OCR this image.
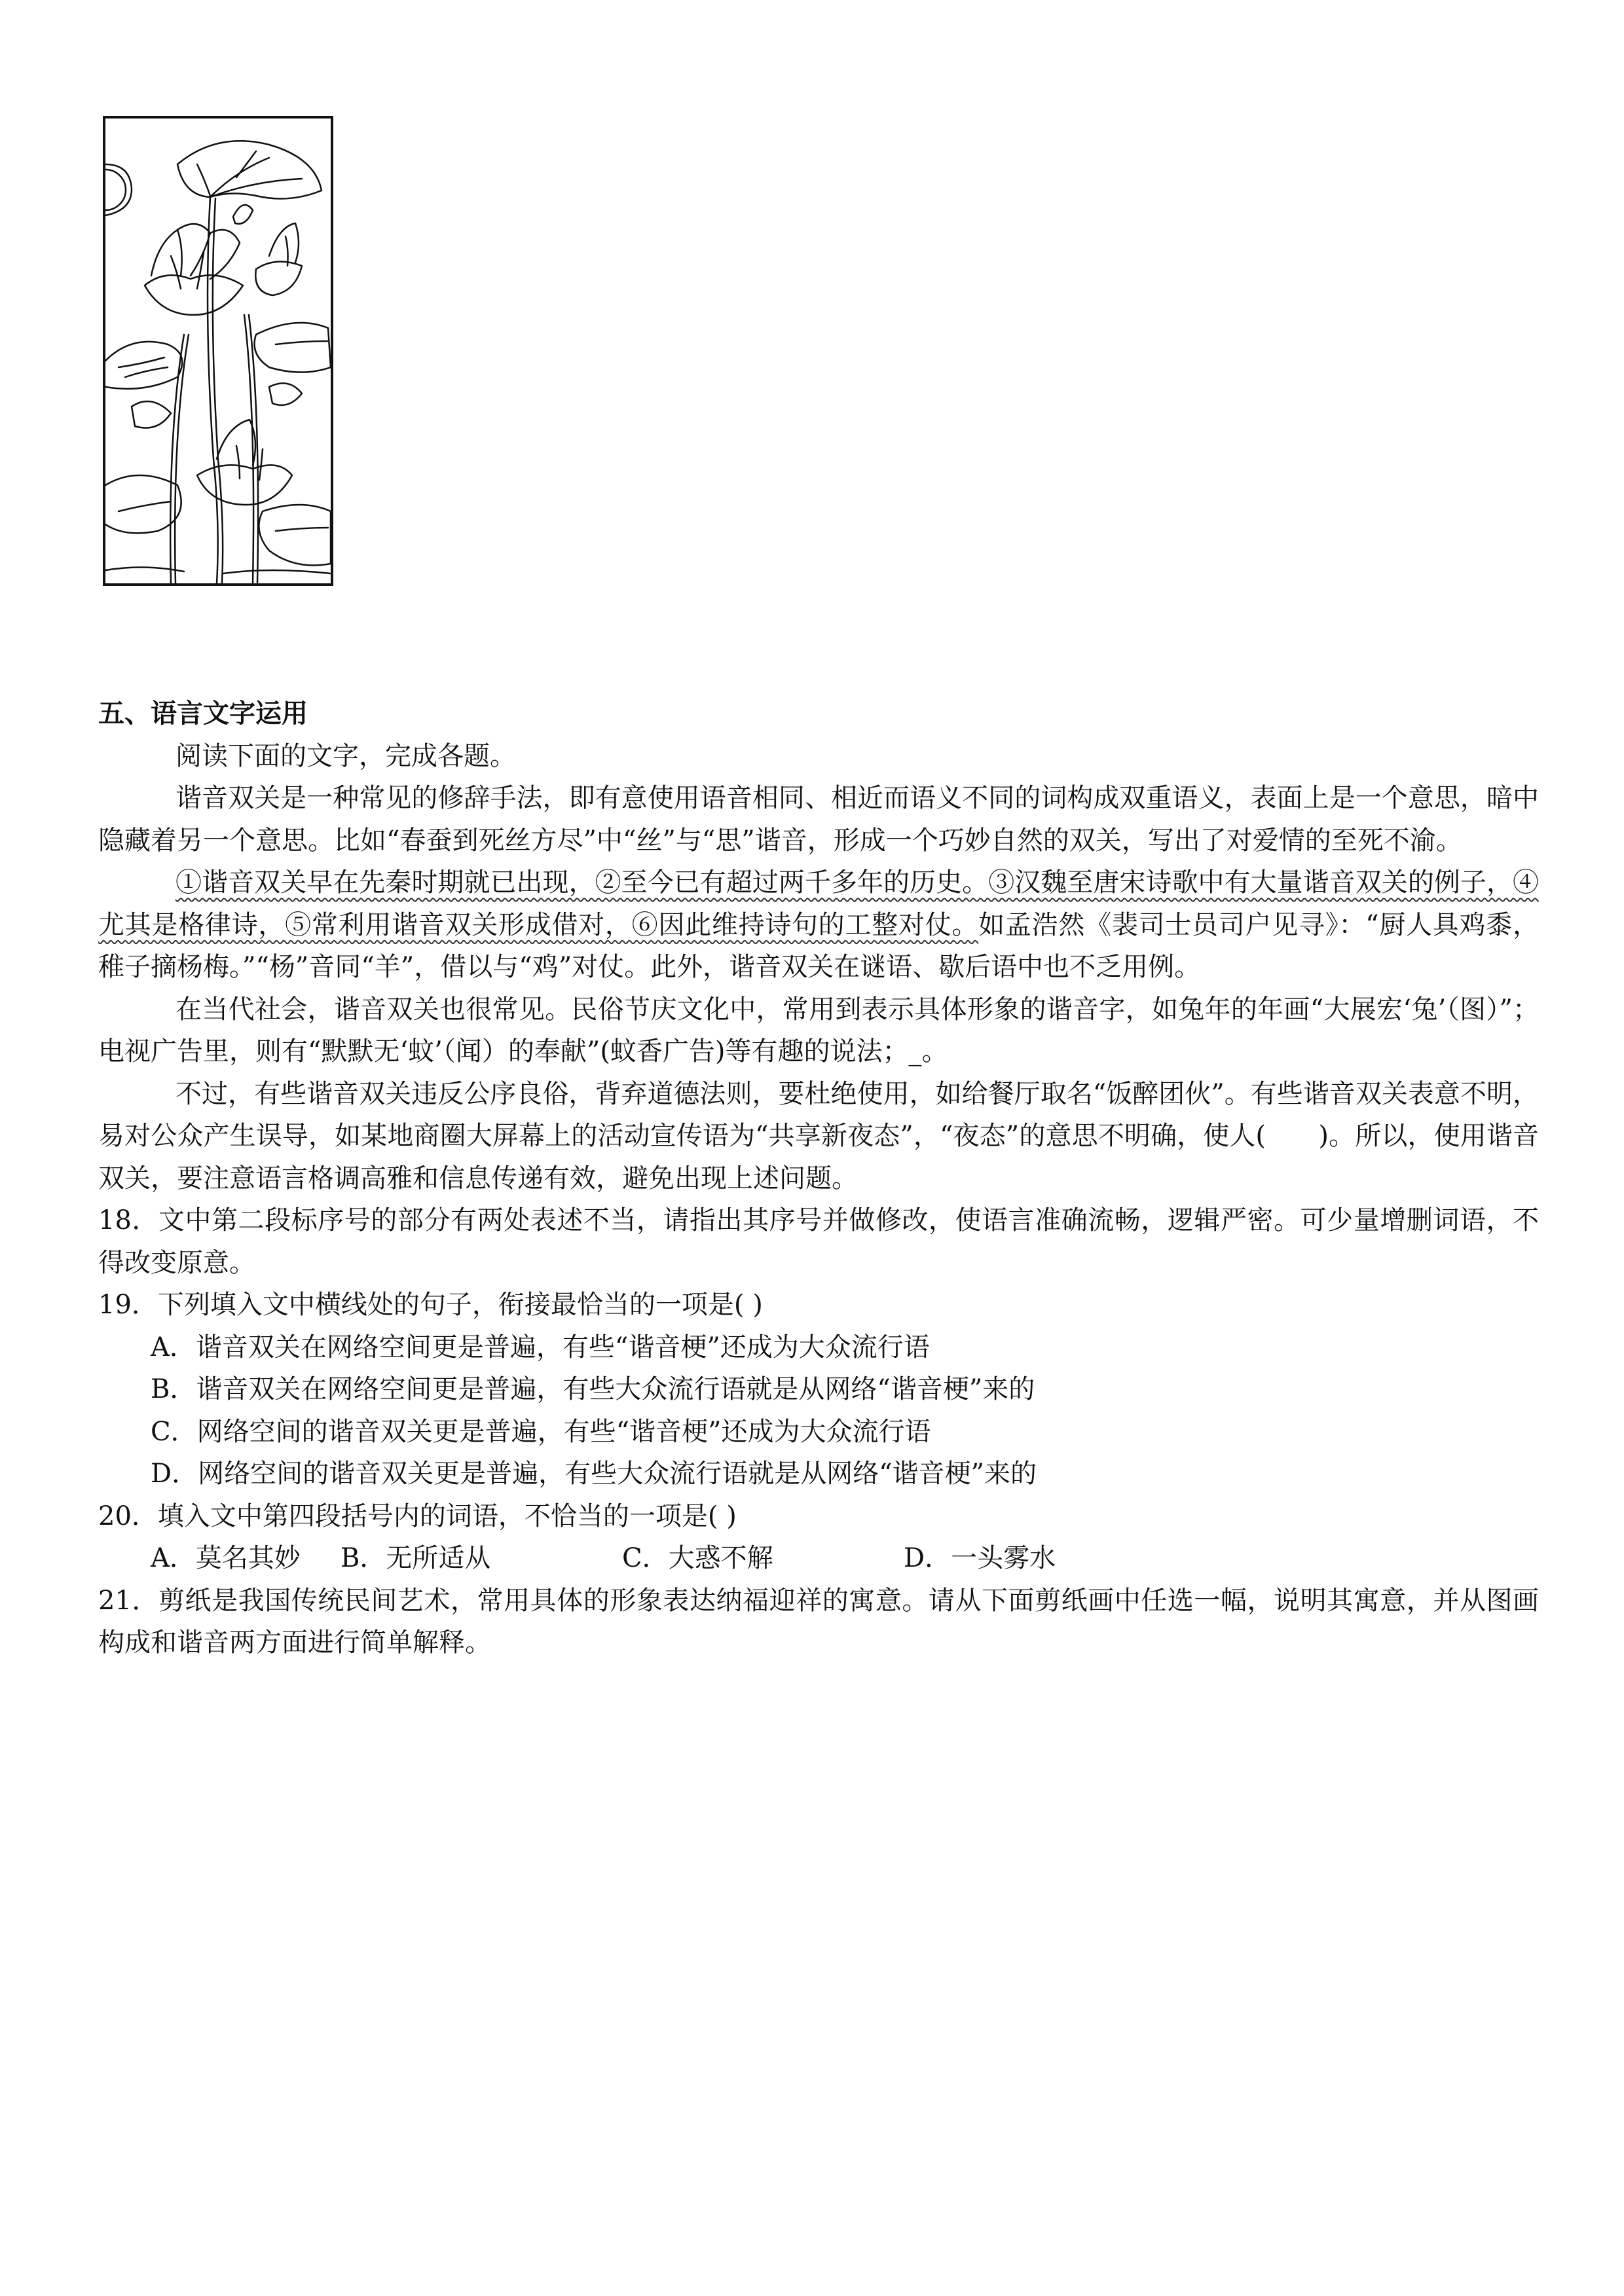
五、语言文字运用

阅读下面的文字，完成各题。

谐音双关是一种常见的修辞手法，即有意使用语音相同、相近而语义不同的词构成双重语义，表面上是一个意思，暗中隐藏着另一个意思。比如“春蚕到死丝方尽”中“丝”与“思”谐音，形成一个巧妙自然的双关，写出了对爱情的至死不渝。

①谐音双关早在先秦时期就已出现，②至今已有超过两千多年的历史。③汉魏至唐宋诗歌中有大量谐音双关的例子，④尤其是格律诗，⑤常利用谐音双关形成借对，⑥因此维持诗句的工整对仗。如孟浩然《裴司士员司户见寻》：“厨人具鸡黍，稚子摘杨梅。”“杨”音同“羊”，借以与“鸡”对仗。此外，谐音双关在谜语、歇后语中也不乏用例。

在当代社会，谐音双关也很常见。民俗节庆文化中，常用到表示具体形象的谐音字，如兔年的年画“大展宏‘兔’（图）”；电视广告里，则有“默默无‘蚊’（闻）的奉献”(蚊香广告)等有趣的说法；_。

不过，有些谐音双关违反公序良俗，背弃道德法则，要杜绝使用，如给餐厅取名“饭醉团伙”。有些谐音双关表意不明，易对公众产生误导，如某地商圈大屏幕上的活动宣传语为“共享新夜态”，“夜态”的意思不明确，使人(　　)。所以，使用谐音双关，要注意语言格调高雅和信息传递有效，避免出现上述问题。

18．文中第二段标序号的部分有两处表述不当，请指出其序号并做修改，使语言准确流畅，逻辑严密。可少量增删词语，不得改变原意。

19．下列填入文中横线处的句子，衔接最恰当的一项是( )

A．谐音双关在网络空间更是普遍，有些“谐音梗”还成为大众流行语

B．谐音双关在网络空间更是普遍，有些大众流行语就是从网络“谐音梗”来的

C．网络空间的谐音双关更是普遍，有些“谐音梗”还成为大众流行语

D．网络空间的谐音双关更是普遍，有些大众流行语就是从网络“谐音梗”来的

20．填入文中第四段括号内的词语，不恰当的一项是( )

A．莫名其妙	B．无所适从	C．大惑不解	D．一头雾水

21．剪纸是我国传统民间艺术，常用具体的形象表达纳福迎祥的寓意。请从下面剪纸画中任选一幅，说明其寓意，并从图画构成和谐音两方面进行简单解释。
